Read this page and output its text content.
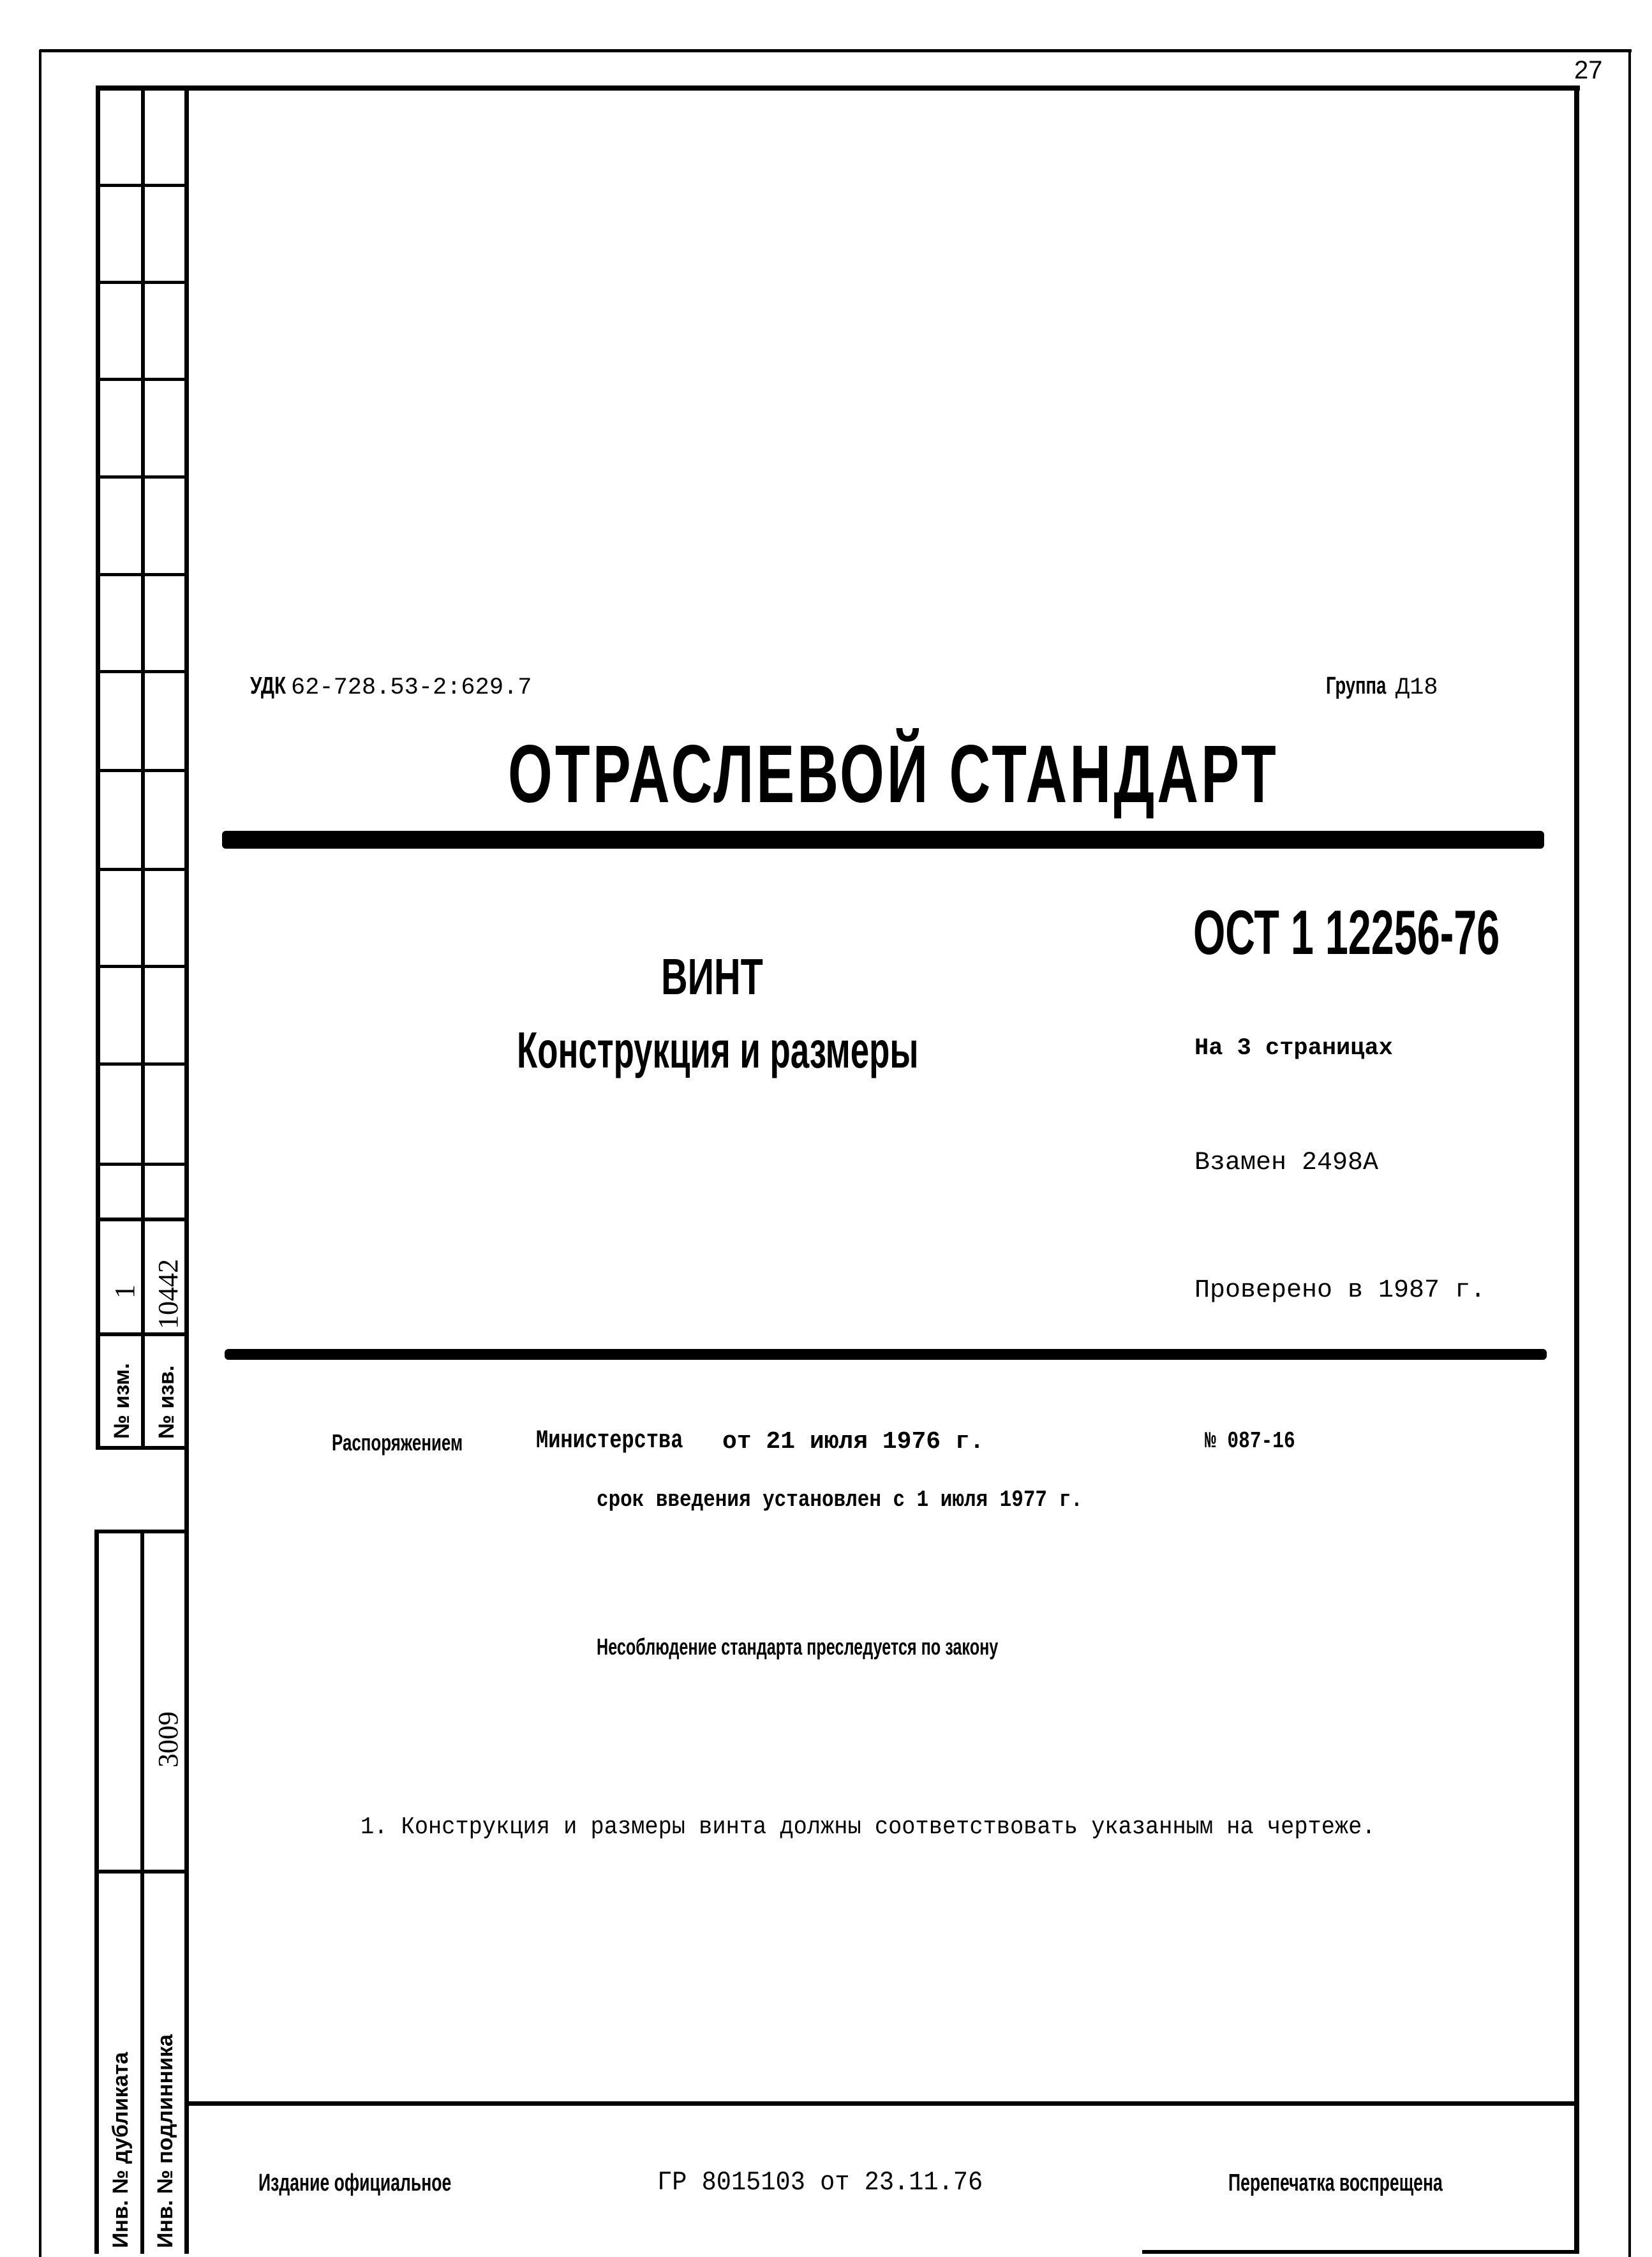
1 10442
№ изм. № изв.
3009
Инв. № дубликата Инв. № подлинника
27
УДК 62-728.53-2:629.7	Группа Д18
ОТРАСЛЕВОЙ СТАНДАРТ
ОСТ 1 12256-76
ВИНТ
Конструкция и размеры	На 3 страницах
Взамен 2498А
Проверено в 1987 г.
Распоряжением	Министерства от 21 июля 1976 г.	№ 087-16
срок введения установлен с 1 июля 1977 г.
Несоблюдение стандарта преследуется по закону
1. Конструкция и размеры винта должны соответствовать указанным на чертеже.
Издание официальное	ГР 8015103 от 23.11.76	Перепечатка воспрещена
